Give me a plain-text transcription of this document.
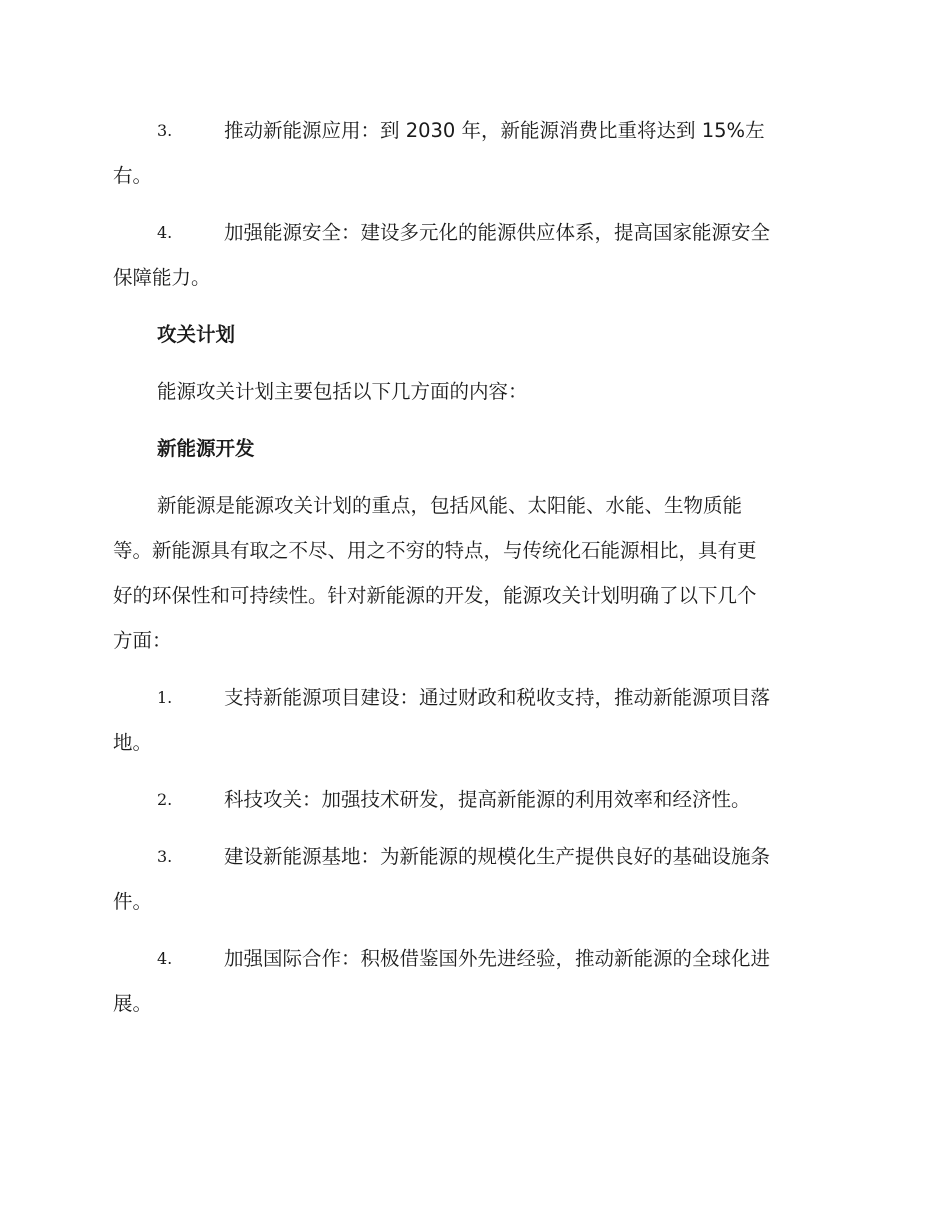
3.	推动新能源应用：到 2030 年，新能源消费比重将达到 15%左
右。
4.	加强能源安全：建设多元化的能源供应体系，提高国家能源安全
保障能力。
攻关计划
能源攻关计划主要包括以下几方面的内容：
新能源开发
新能源是能源攻关计划的重点，包括风能、太阳能、水能、生物质能
等。新能源具有取之不尽、用之不穷的特点，与传统化石能源相比，具有更
好的环保性和可持续性。针对新能源的开发，能源攻关计划明确了以下几个
方面：
1.	支持新能源项目建设：通过财政和税收支持，推动新能源项目落
地。
2.	科技攻关：加强技术研发，提高新能源的利用效率和经济性。
3.	建设新能源基地：为新能源的规模化生产提供良好的基础设施条
件。
4.	加强国际合作：积极借鉴国外先进经验，推动新能源的全球化进
展。
